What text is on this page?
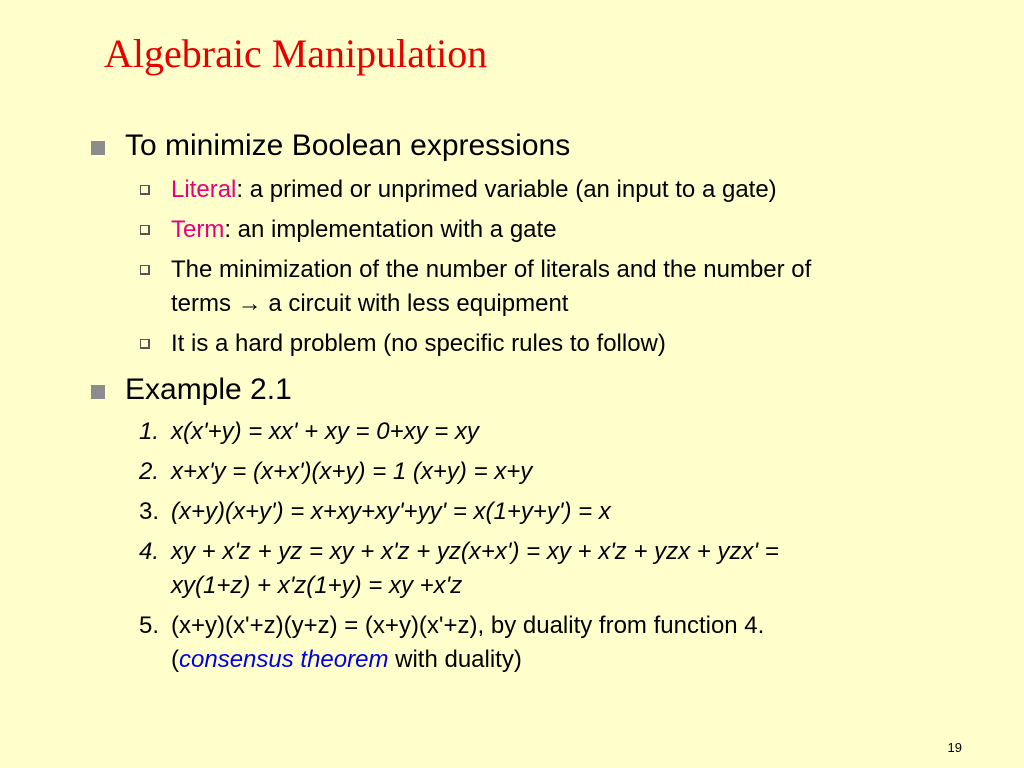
Algebraic Manipulation
To minimize Boolean expressions
Literal: a primed or unprimed variable (an input to a gate)
Term: an implementation with a gate
The minimization of the number of literals and the number of
terms → a circuit with less equipment
It is a hard problem (no specific rules to follow)
Example 2.1
1. x(x'+y) = xx' + xy = 0+xy = xy
2. x+x'y = (x+x')(x+y) = 1 (x+y) = x+y
3. (x+y)(x+y') = x+xy+xy'+yy' = x(1+y+y') = x
4. xy + x'z + yz = xy + x'z + yz(x+x') = xy + x'z + yzx + yzx' =
xy(1+z) + x'z(1+y) = xy +x'z
5. (x+y)(x'+z)(y+z) = (x+y)(x'+z), by duality from function 4.
(consensus theorem with duality)
19
